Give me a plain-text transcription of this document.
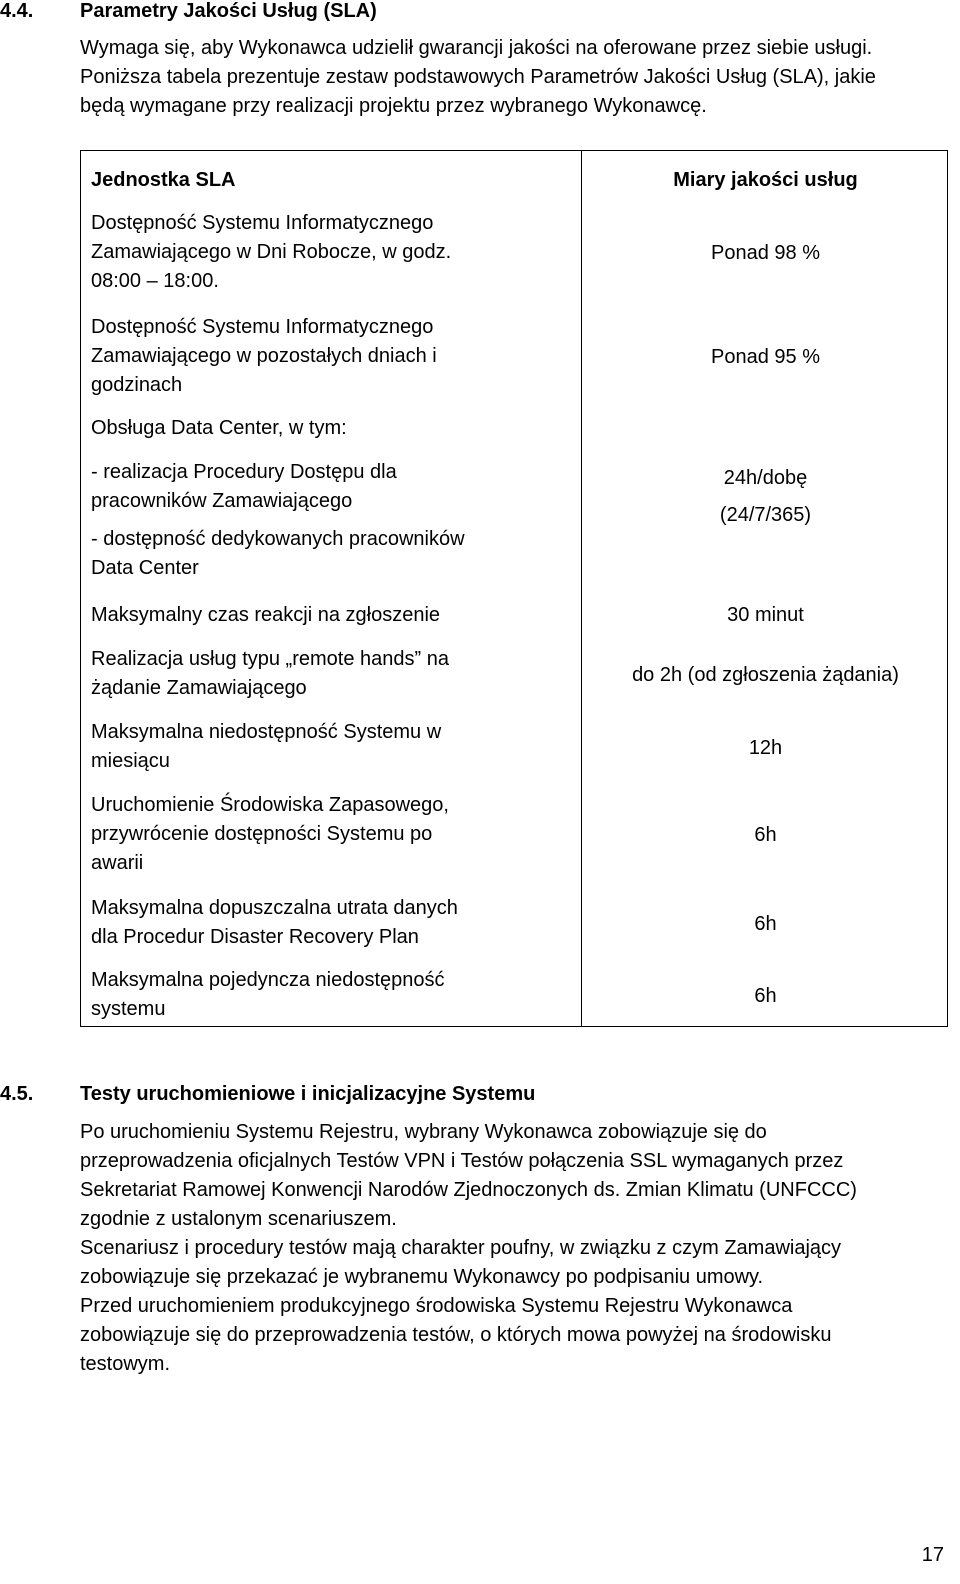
4.4. Parametry Jakości Usług (SLA)
Wymaga się, aby Wykonawca udzielił gwarancji jakości na oferowane przez siebie usługi.
Poniższa tabela prezentuje zestaw podstawowych Parametrów Jakości Usług (SLA), jakie
będą wymagane przy realizacji projektu przez wybranego Wykonawcę.
Jednostka SLA	Miary jakości usług
Dostępność Systemu Informatycznego
Zamawiającego w Dni Robocze, w godz.
08:00 – 18:00.
Ponad 98 %
Dostępność Systemu Informatycznego
Zamawiającego w pozostałych dniach i
godzinach
Ponad 95 %
Obsługa Data Center, w tym:
- realizacja Procedury Dostępu dla
pracowników Zamawiającego
- dostępność dedykowanych pracowników
Data Center
24h/dobę
(24/7/365)
Maksymalny czas reakcji na zgłoszenie	30 minut
Realizacja usług typu „remote hands” na
żądanie Zamawiającego
do 2h (od zgłoszenia żądania)
Maksymalna niedostępność Systemu w
miesiącu
12h
Uruchomienie Środowiska Zapasowego,
przywrócenie dostępności Systemu po
awarii
6h
Maksymalna dopuszczalna utrata danych
dla Procedur Disaster Recovery Plan
6h
Maksymalna pojedyncza niedostępność
systemu
6h
4.5. Testy uruchomieniowe i inicjalizacyjne Systemu
Po uruchomieniu Systemu Rejestru, wybrany Wykonawca zobowiązuje się do
przeprowadzenia oficjalnych Testów VPN i Testów połączenia SSL wymaganych przez
Sekretariat Ramowej Konwencji Narodów Zjednoczonych ds. Zmian Klimatu (UNFCCC)
zgodnie z ustalonym scenariuszem.
Scenariusz i procedury testów mają charakter poufny, w związku z czym Zamawiający
zobowiązuje się przekazać je wybranemu Wykonawcy po podpisaniu umowy.
Przed uruchomieniem produkcyjnego środowiska Systemu Rejestru Wykonawca
zobowiązuje się do przeprowadzenia testów, o których mowa powyżej na środowisku
testowym.
17
